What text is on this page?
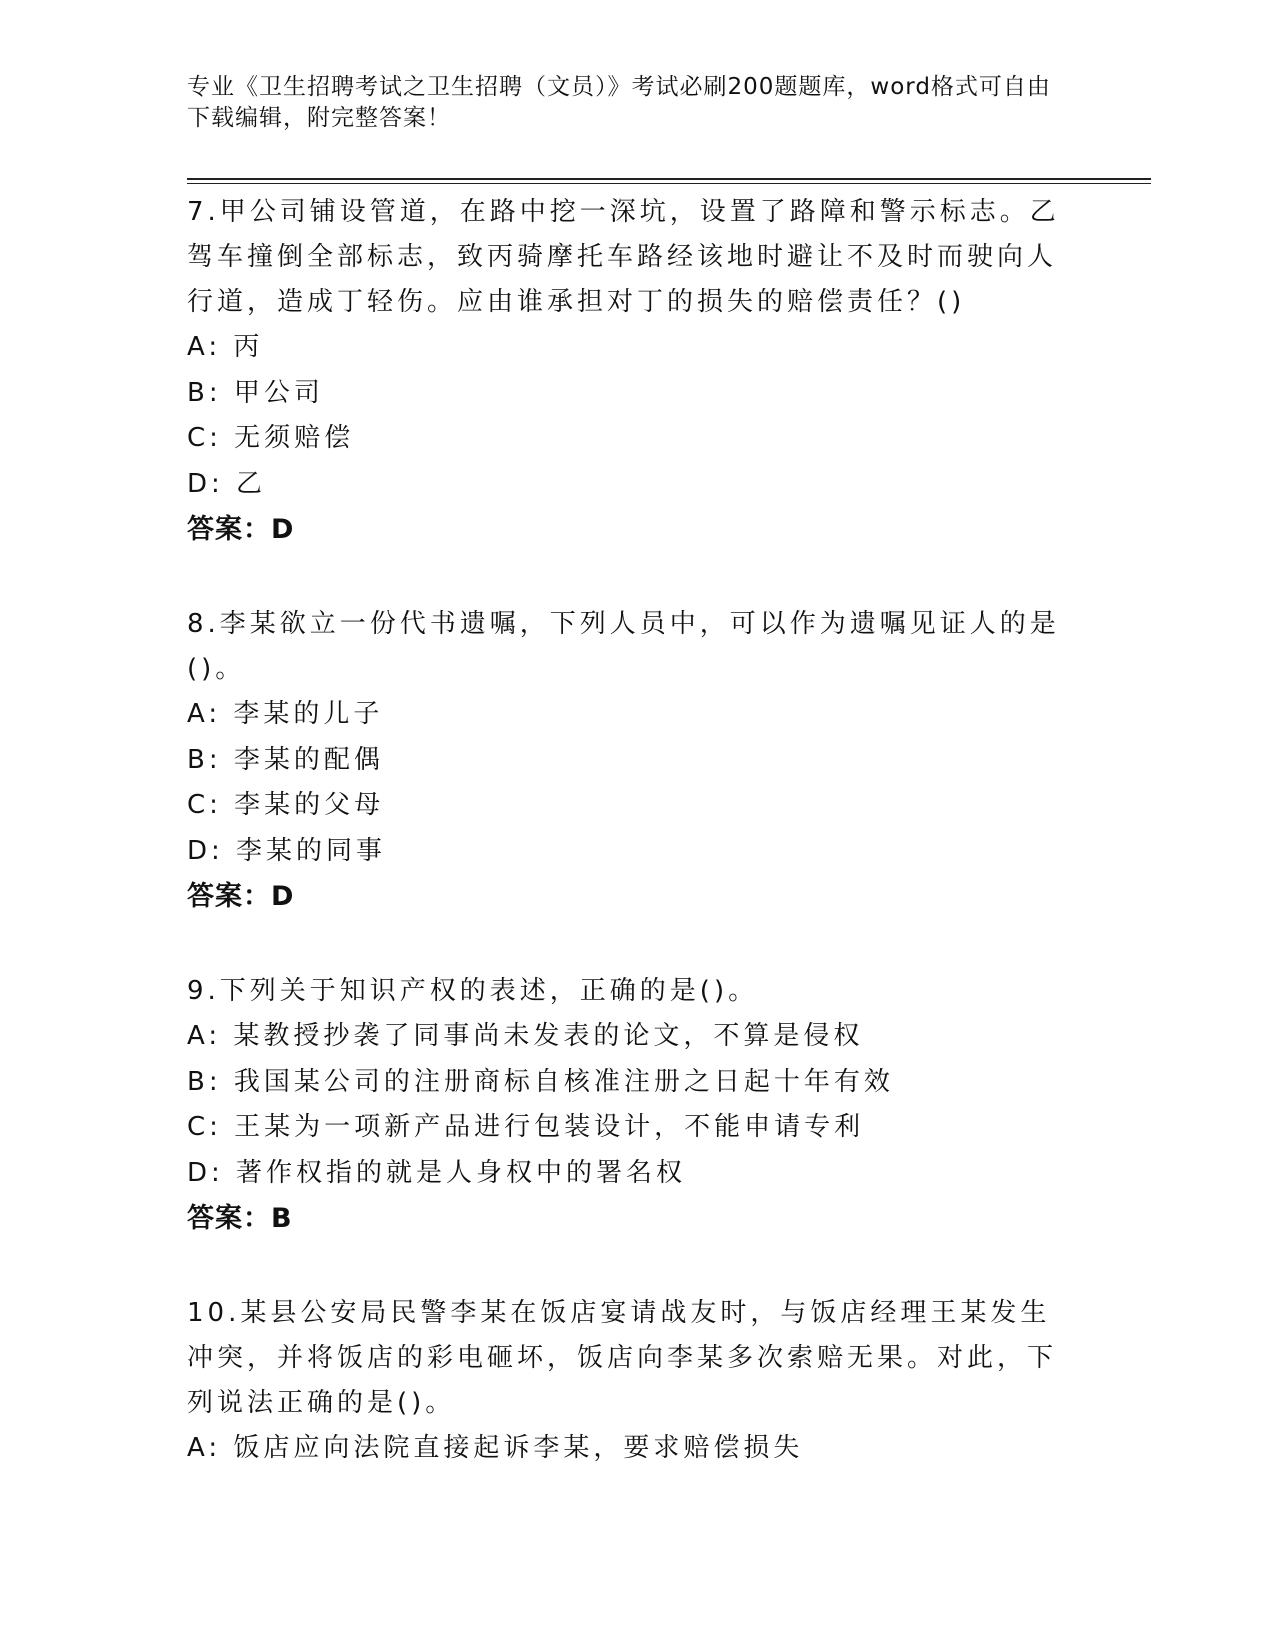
专业《卫生招聘考试之卫生招聘（文员）》考试必刷200题题库，word格式可自由下载编辑，附完整答案！
7.甲公司铺设管道，在路中挖一深坑，设置了路障和警示标志。乙驾车撞倒全部标志，致丙骑摩托车路经该地时避让不及时而驶向人行道，造成丁轻伤。应由谁承担对丁的损失的赔偿责任？()
A: 丙
B: 甲公司
C: 无须赔偿
D: 乙
答案：D
8.李某欲立一份代书遗嘱，下列人员中，可以作为遗嘱见证人的是()。
A: 李某的儿子
B: 李某的配偶
C: 李某的父母
D: 李某的同事
答案：D
9.下列关于知识产权的表述，正确的是()。
A: 某教授抄袭了同事尚未发表的论文，不算是侵权
B: 我国某公司的注册商标自核准注册之日起十年有效
C: 王某为一项新产品进行包装设计，不能申请专利
D: 著作权指的就是人身权中的署名权
答案：B
10.某县公安局民警李某在饭店宴请战友时，与饭店经理王某发生冲突，并将饭店的彩电砸坏，饭店向李某多次索赔无果。对此，下列说法正确的是()。
A: 饭店应向法院直接起诉李某，要求赔偿损失
